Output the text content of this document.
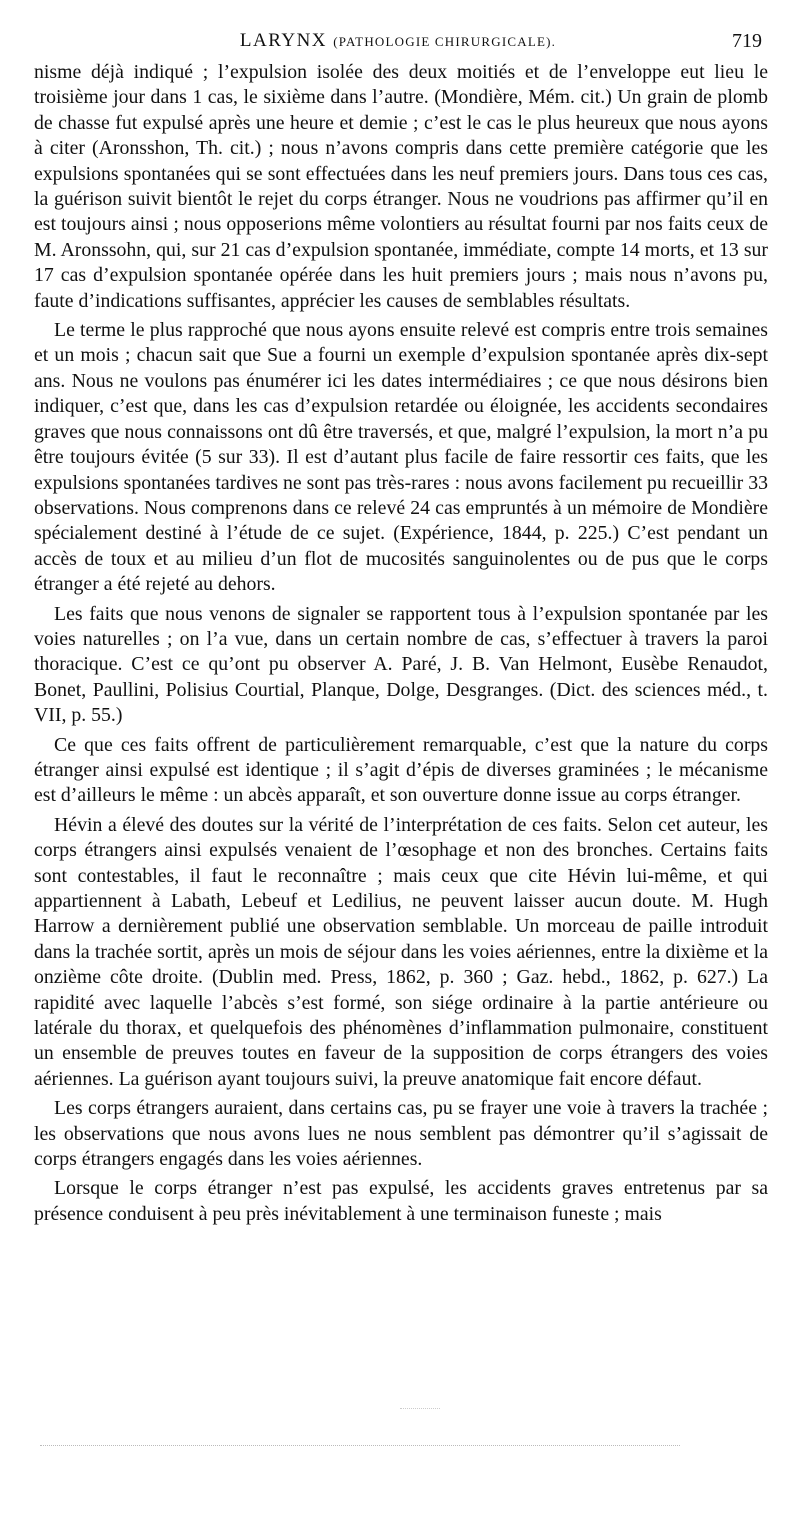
LARYNX (PATHOLOGIE CHIRURGICALE).	719

nisme déjà indiqué ; l’expulsion isolée des deux moitiés et de l’enveloppe eut lieu le troisième jour dans 1 cas, le sixième dans l’autre. (Mondière, Mém. cit.) Un grain de plomb de chasse fut expulsé après une heure et demie ; c’est le cas le plus heureux que nous ayons à citer (Aronsshon, Th. cit.) ; nous n’avons compris dans cette première catégorie que les expulsions spontanées qui se sont effectuées dans les neuf premiers jours. Dans tous ces cas, la guérison suivit bientôt le rejet du corps étranger. Nous ne voudrions pas affirmer qu’il en est toujours ainsi ; nous opposerions même volontiers au résultat fourni par nos faits ceux de M. Aronssohn, qui, sur 21 cas d’expulsion spontanée, immédiate, compte 14 morts, et 13 sur 17 cas d’expulsion spontanée opérée dans les huit premiers jours ; mais nous n’avons pu, faute d’indications suffisantes, apprécier les causes de semblables résultats.

Le terme le plus rapproché que nous ayons ensuite relevé est compris entre trois semaines et un mois ; chacun sait que Sue a fourni un exemple d’expulsion spontanée après dix-sept ans. Nous ne voulons pas énumérer ici les dates intermédiaires ; ce que nous désirons bien indiquer, c’est que, dans les cas d’expulsion retardée ou éloignée, les accidents secondaires graves que nous connaissons ont dû être traversés, et que, malgré l’expulsion, la mort n’a pu être toujours évitée (5 sur 33). Il est d’autant plus facile de faire ressortir ces faits, que les expulsions spontanées tardives ne sont pas très-rares : nous avons facilement pu recueillir 33 observations. Nous comprenons dans ce relevé 24 cas empruntés à un mémoire de Mondière spécialement destiné à l’étude de ce sujet. (Expérience, 1844, p. 225.) C’est pendant un accès de toux et au milieu d’un flot de mucosités sanguinolentes ou de pus que le corps étranger a été rejeté au dehors.

Les faits que nous venons de signaler se rapportent tous à l’expulsion spontanée par les voies naturelles ; on l’a vue, dans un certain nombre de cas, s’effectuer à travers la paroi thoracique. C’est ce qu’ont pu observer A. Paré, J. B. Van Helmont, Eusèbe Renaudot, Bonet, Paullini, Polisius Courtial, Planque, Dolge, Desgranges. (Dict. des sciences méd., t. VII, p. 55.)

Ce que ces faits offrent de particulièrement remarquable, c’est que la nature du corps étranger ainsi expulsé est identique ; il s’agit d’épis de diverses graminées ; le mécanisme est d’ailleurs le même : un abcès apparaît, et son ouverture donne issue au corps étranger.

Hévin a élevé des doutes sur la vérité de l’interprétation de ces faits. Selon cet auteur, les corps étrangers ainsi expulsés venaient de l’œsophage et non des bronches. Certains faits sont contestables, il faut le reconnaître ; mais ceux que cite Hévin lui-même, et qui appartiennent à Labath, Lebeuf et Ledilius, ne peuvent laisser aucun doute. M. Hugh Harrow a dernièrement publié une observation semblable. Un morceau de paille introduit dans la trachée sortit, après un mois de séjour dans les voies aériennes, entre la dixième et la onzième côte droite. (Dublin med. Press, 1862, p. 360 ; Gaz. hebd., 1862, p. 627.) La rapidité avec laquelle l’abcès s’est formé, son siége ordinaire à la partie antérieure ou latérale du thorax, et quelquefois des phénomènes d’inflammation pulmonaire, constituent un ensemble de preuves toutes en faveur de la supposition de corps étrangers des voies aériennes. La guérison ayant toujours suivi, la preuve anatomique fait encore défaut.

Les corps étrangers auraient, dans certains cas, pu se frayer une voie à travers la trachée ; les observations que nous avons lues ne nous semblent pas démontrer qu’il s’agissait de corps étrangers engagés dans les voies aériennes.

Lorsque le corps étranger n’est pas expulsé, les accidents graves entretenus par sa présence conduisent à peu près inévitablement à une terminaison funeste ; mais
